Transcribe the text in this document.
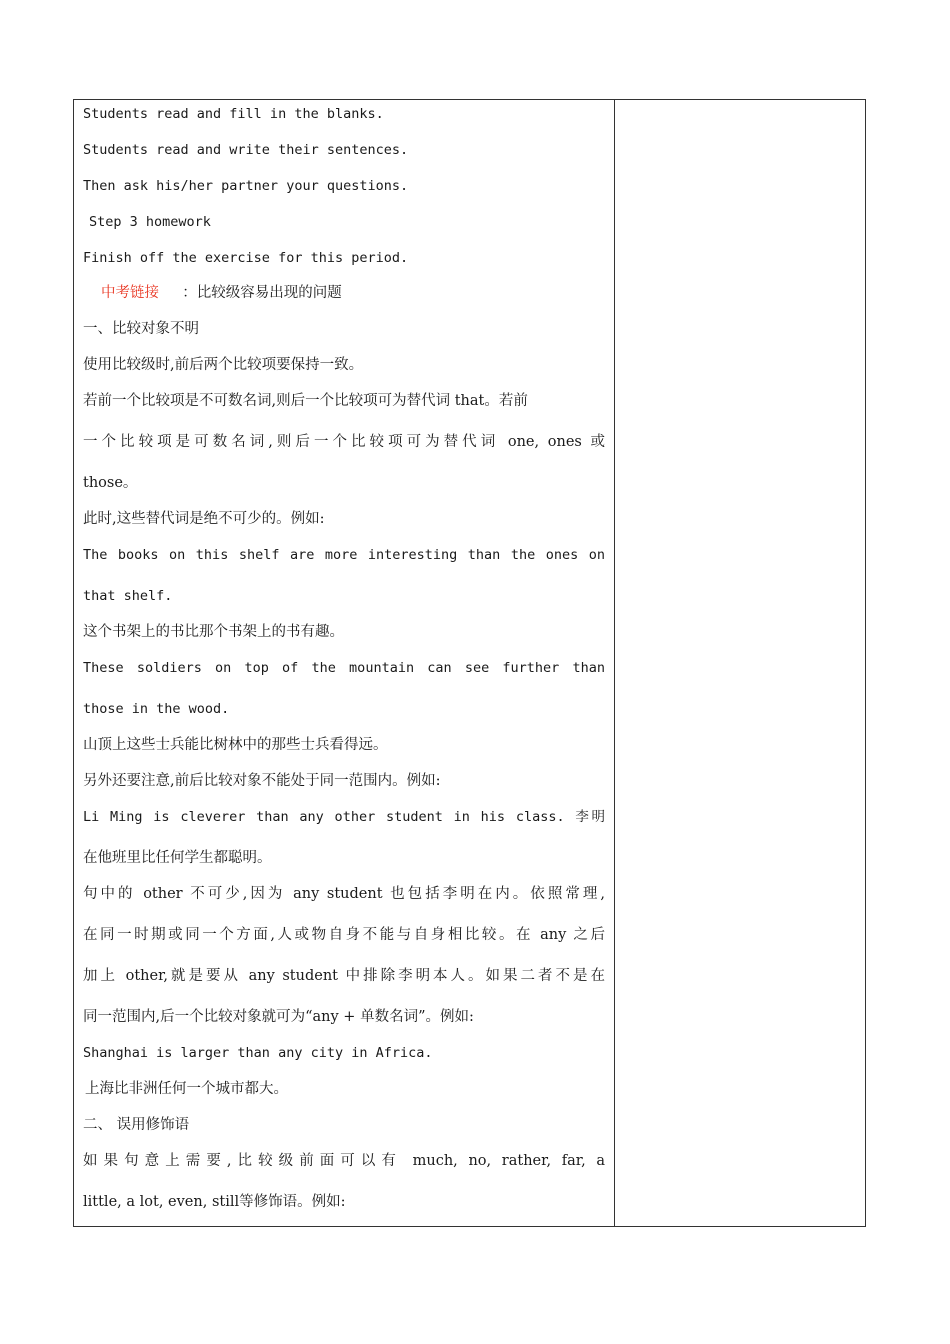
Students read and fill in the blanks.
Students read and write their sentences.
Then ask his/her partner your questions.
Step 3 homework
Finish off the exercise for this period.
中考链接 ：比较级容易出现的问题
一、比较对象不明
使用比较级时,前后两个比较项要保持一致。
若前一个比较项是不可数名词,则后一个比较项可为替代词 that。若前
一个比较项是可数名词,则后一个比较项可为替代词 one, ones 或
those。
此时,这些替代词是绝不可少的。例如:
The books on this shelf are more interesting than the ones on
that shelf.
这个书架上的书比那个书架上的书有趣。
These soldiers on top of the mountain can see further than
those in the wood.
山顶上这些士兵能比树林中的那些士兵看得远。
另外还要注意,前后比较对象不能处于同一范围内。例如:
Li Ming is cleverer than any other student in his class. 李明
在他班里比任何学生都聪明。
句中的 other 不可少,因为 any student 也包括李明在内。依照常理,
在同一时期或同一个方面,人或物自身不能与自身相比较。在 any 之后
加上 other,就是要从 any student 中排除李明本人。如果二者不是在
同一范围内,后一个比较对象就可为“any + 单数名词”。例如:
Shanghai is larger than any city in Africa.
上海比非洲任何一个城市都大。
二、 误用修饰语
如果句意上需要,比较级前面可以有 much, no, rather, far, a
little, a lot, even, still等修饰语。例如:
